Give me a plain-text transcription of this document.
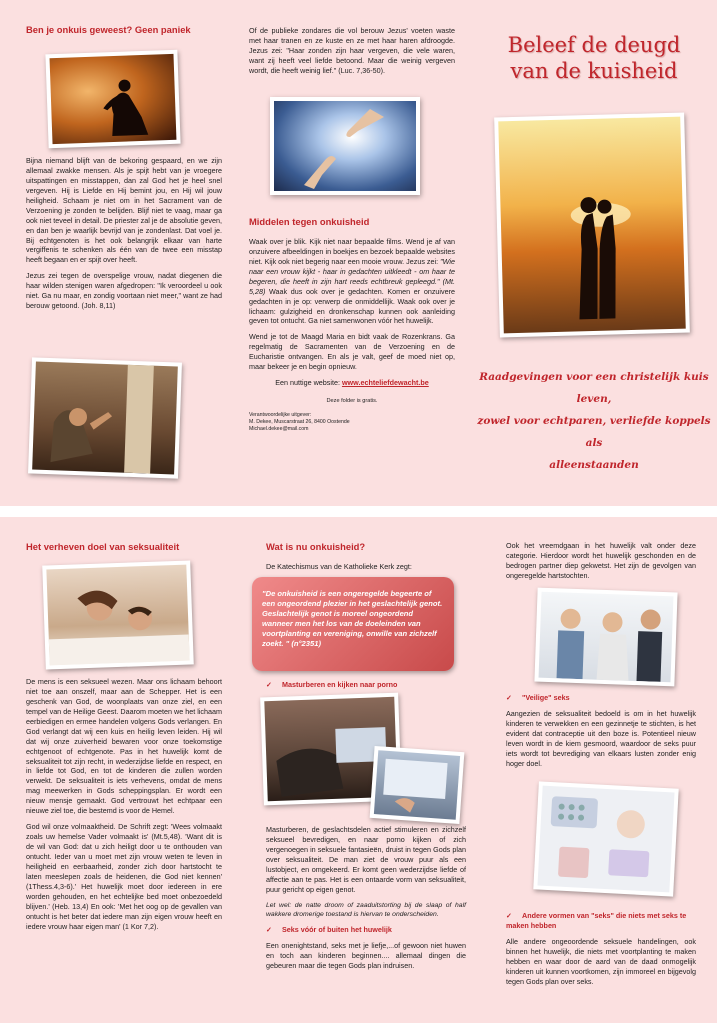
Ben je onkuis geweest? Geen paniek

Bijna niemand blijft van de bekoring gespaard, en we zijn allemaal zwakke mensen. Als je spijt hebt van je vroegere uitspattingen en misstappen, dan zal God het je heel snel vergeven. Hij is Liefde en Hij bemint jou, en Hij wil jouw heiligheid. Schaam je niet om in het Sacrament van de Verzoening je zonden te belijden. Blijf niet te vaag, maar ga ook niet teveel in detail. De priester zal je de absolutie geven, en dan ben je waarlijk bevrijd van je zondenlast. Dat voel je. Bij echtgenoten is het ook belangrijk elkaar van harte vergiffenis te schenken als één van de twee een misstap heeft begaan en er spijt over heeft.

Jezus zei tegen de overspelige vrouw, nadat diegenen die haar wilden stenigen waren afgedropen: "Ik veroordeel u ook niet. Ga nu maar, en zondig voortaan niet meer," want ze had berouw getoond. (Joh. 8,11)

Of de publieke zondares die vol berouw Jezus' voeten waste met haar tranen en ze kuste en ze met haar haren afdroogde. Jezus zei: "Haar zonden zijn haar vergeven, die vele waren, want zij heeft veel liefde betoond. Maar die weinig vergeven wordt, die heeft weinig lief." (Luc. 7,36-50).

Middelen tegen onkuisheid

Waak over je blik. Kijk niet naar bepaalde films. Wend je af van onzuivere afbeeldingen in boekjes en bezoek bepaalde websites niet. Kijk ook niet begerig naar een mooie vrouw. Jezus zei: "Wie naar een vrouw kijkt - haar in gedachten uitkleedt - om haar te begeren, die heeft in zijn hart reeds echtbreuk gepleegd." (Mt. 5,28) Waak dus ook over je gedachten. Komen er onzuivere gedachten in je op: verwerp die onmiddellijk. Waak ook over je lichaam: gulzigheid en dronkenschap kunnen ook aanleiding geven tot ontucht. Ga niet samenwonen vóór het huwelijk.

Wend je tot de Maagd Maria en bidt vaak de Rozenkrans. Ga regelmatig de Sacramenten van de Verzoening en de Eucharistie ontvangen. En als je valt, geef de moed niet op, maar bekeer je en begin opnieuw.

Een nuttige website: www.echteliefdewacht.be

Deze folder is gratis.

Verantwoordelijke uitgever:
M. Dekee, Muscarstraat 26, 8400 Oostende
Michael.dekee@mail.com
Beleef de deugd
van de kuisheid
Raadgevingen voor een christelijk kuis leven,
zowel voor echtparen, verliefde koppels als
alleenstaanden
Het verheven doel van seksualiteit

De mens is een seksueel wezen. Maar ons lichaam behoort niet toe aan onszelf, maar aan de Schepper. Het is een geschenk van God, de woonplaats van onze ziel, en een tempel van de Heilige Geest. Daarom moeten we het lichaam eerbiedigen en ermee handelen volgens Gods verlangen. En God verlangt dat wij een kuis en heilig leven leiden. Hij wil dat wij onze zuiverheid bewaren voor onze toekomstige echtgenoot of echtgenote. Pas in het huwelijk komt de seksualiteit tot zijn recht, in wederzijdse liefde en respect, en in liefde tot God, en tot de kinderen die zullen worden verwekt. De seksualiteit is iets verhevens, omdat de mens mag meewerken in Gods scheppingsplan. Er wordt een nieuw mensje gemaakt. God vertrouwt het echtpaar een nieuwe ziel toe, die bestemd is voor de Hemel.

God wil onze volmaaktheid. De Schrift zegt: 'Wees volmaakt zoals uw hemelse Vader volmaakt is' (Mt.5,48). 'Want dit is de wil van God: dat u zich heiligt door u te onthouden van ontucht. Ieder van u moet met zijn vrouw weten te leven in heiligheid en eerbaarheid, zonder zich door hartstocht te laten meeslepen zoals de heidenen, die God niet kennen' (1Thess.4,3-6).' Het huwelijk moet door iedereen in ere worden gehouden, en het echtelijke bed moet onbezoedeld blijven.' (Heb. 13,4) En ook: 'Met het oog op de gevallen van ontucht is het beter dat iedere man zijn eigen vrouw heeft en iedere vrouw haar eigen man' (1 Kor 7,2).

Wat is nu onkuisheid?

De Katechismus van de Katholieke Kerk zegt:

"De onkuisheid is een ongeregelde begeerte of een ongeordend plezier in het geslachtelijk genot. Geslachtelijk genot is moreel ongeordend wanneer men het los van de doeleinden van voortplanting en vereniging, onwille van zichzelf zoekt. " (n°2351)
✓ Masturberen en kijken naar porno

Masturberen, de geslachtsdelen actief stimuleren en zichzelf seksueel bevredigen, en naar porno kijken of zich vergenoegen in seksuele fantasieën, druist in tegen Gods plan over seksualiteit. De man ziet de vrouw puur als een lustobject, en omgekeerd. Er komt geen wederzijdse liefde of affectie aan te pas. Het is een ontaarde vorm van seksualiteit, puur gericht op eigen genot.

Let wel: de natte droom of zaaduitstorting bij de slaap of half wakkere dromerige toestand is hiervan te onderscheiden.

✓ Seks vóór of buiten het huwelijk

Een onenightstand, seks met je liefje,...of gewoon niet huwen en toch aan kinderen beginnen.... allemaal dingen die gebeuren maar die tegen Gods plan indruisen.

Ook het vreemdgaan in het huwelijk valt onder deze categorie. Hierdoor wordt het huwelijk geschonden en de bedrogen partner diep gekwetst. Het zijn de gevolgen van ongeregelde hartstochten.

✓ "Veilige" seks

Aangezien de seksualiteit bedoeld is om in het huwelijk kinderen te verwekken en een gezinnetje te stichten, is het evident dat contraceptie uit den boze is. Potentieel nieuw leven wordt in de kiem gesmoord, waardoor de seks puur iets wordt tot bevrediging van elkaars lusten zonder enig hoger doel.

✓ Andere vormen van "seks" die niets met seks te maken hebben

Alle andere ongeoordende seksuele handelingen, ook binnen het huwelijk, die niets met voortplanting te maken hebben en waar door de aard van de daad onmogelijk kinderen uit kunnen voortkomen, zijn immoreel en bijgevolg tegen Gods plan over seks.
